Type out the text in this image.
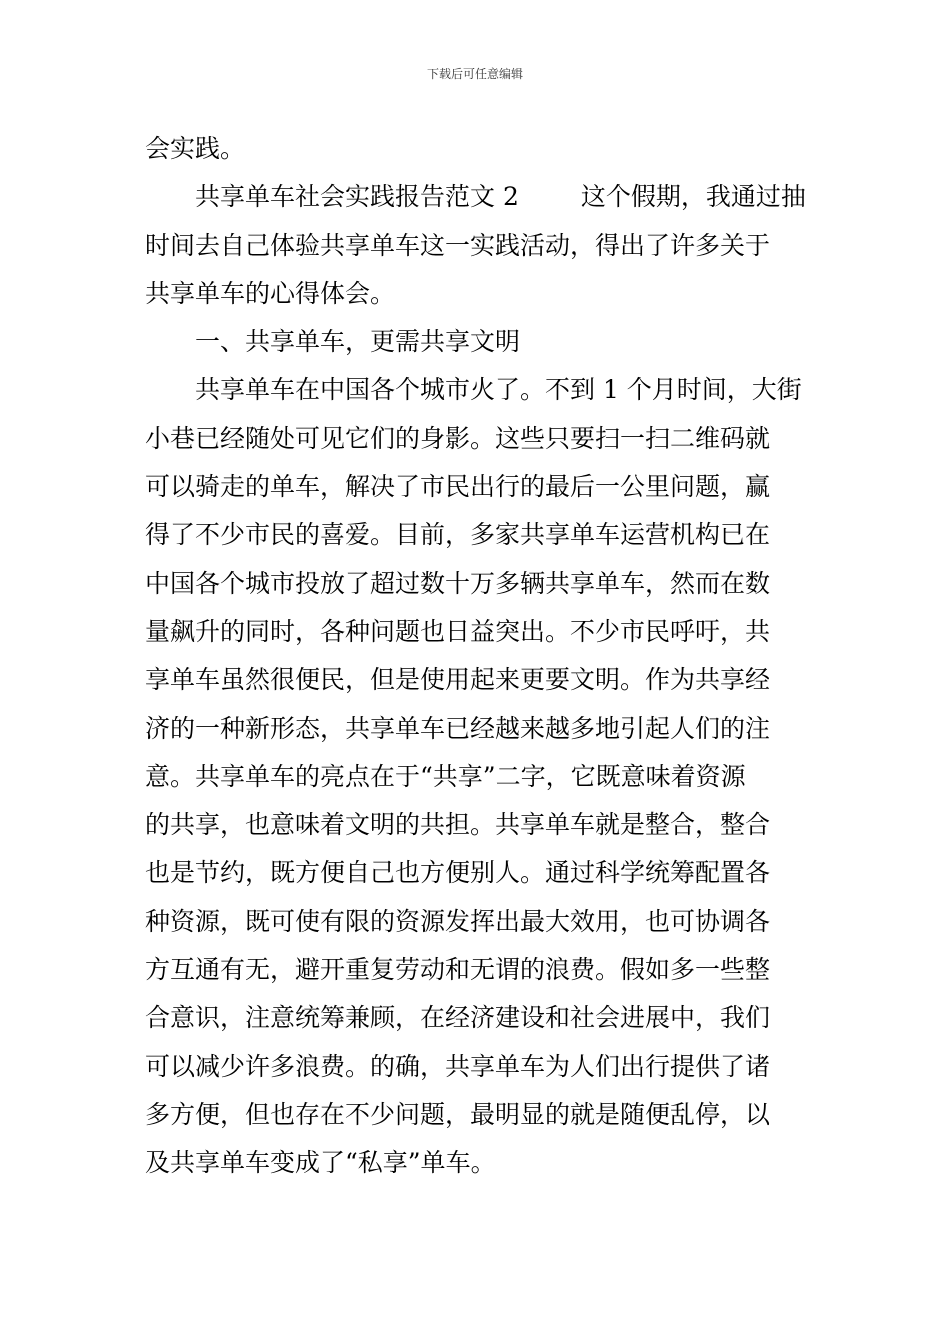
下载后可任意编辑
会实践。
共享单车社会实践报告范文 2 这个假期，我通过抽
时间去自己体验共享单车这一实践活动，得出了许多关于
共享单车的心得体会。
一、共享单车，更需共享文明
共享单车在中国各个城市火了。不到 1 个月时间，大街
小巷已经随处可见它们的身影。这些只要扫一扫二维码就
可以骑走的单车，解决了市民出行的最后一公里问题，赢
得了不少市民的喜爱。目前，多家共享单车运营机构已在
中国各个城市投放了超过数十万多辆共享单车，然而在数
量飙升的同时，各种问题也日益突出。不少市民呼吁，共
享单车虽然很便民，但是使用起来更要文明。作为共享经
济的一种新形态，共享单车已经越来越多地引起人们的注
意。共享单车的亮点在于“共享”二字，它既意味着资源
的共享，也意味着文明的共担。共享单车就是整合，整合
也是节约，既方便自己也方便别人。通过科学统筹配置各
种资源，既可使有限的资源发挥出最大效用，也可协调各
方互通有无，避开重复劳动和无谓的浪费。假如多一些整
合意识，注意统筹兼顾，在经济建设和社会进展中，我们
可以减少许多浪费。的确，共享单车为人们出行提供了诸
多方便，但也存在不少问题，最明显的就是随便乱停，以
及共享单车变成了“私享”单车。
